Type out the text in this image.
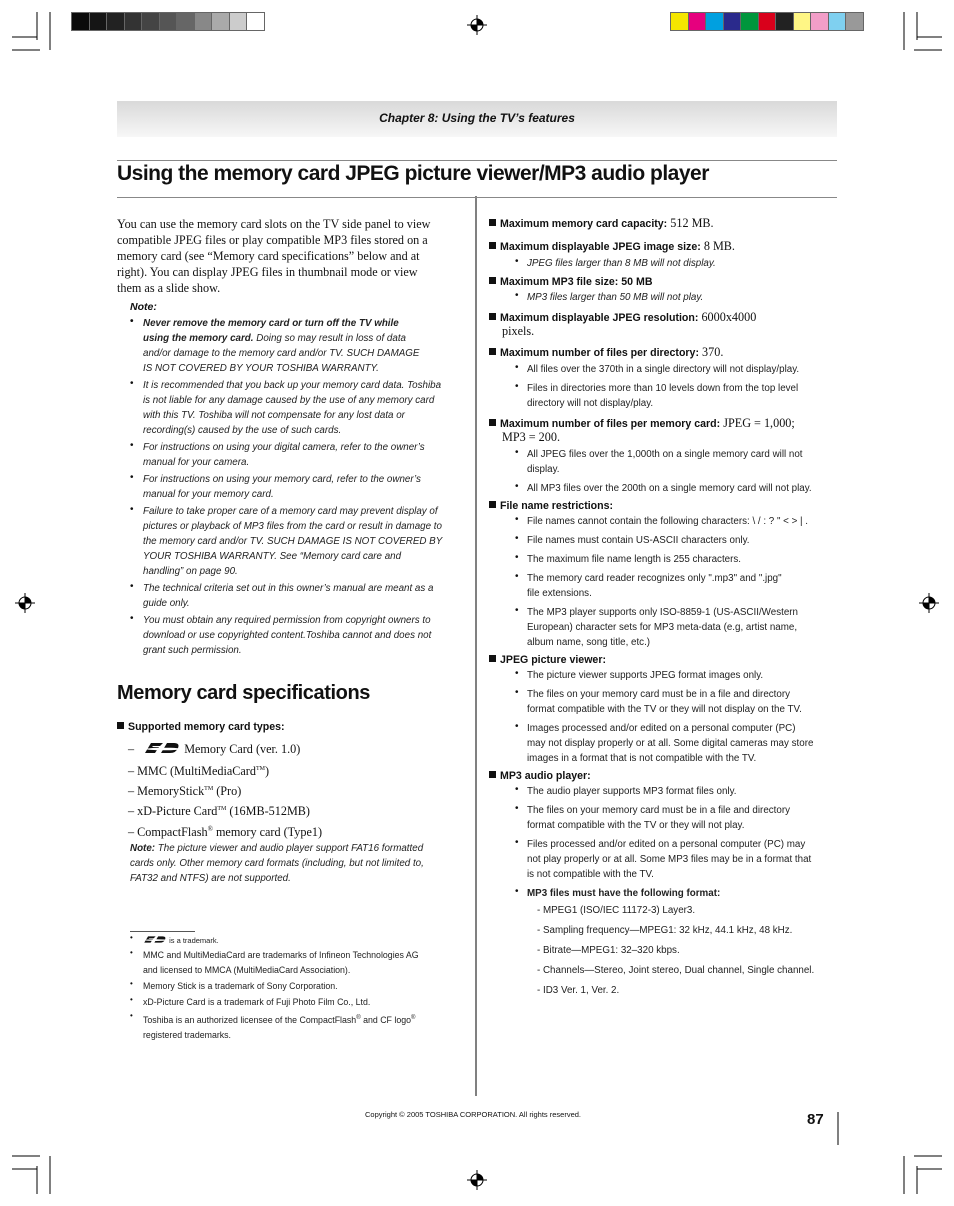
Chapter 8: Using the TV’s features
Using the memory card JPEG picture viewer/MP3 audio player
You can use the memory card slots on the TV side panel to view
compatible JPEG files or play compatible MP3 files stored on a
memory card (see “Memory card specifications” below and at
right). You can display JPEG files in thumbnail mode or view
them as a slide show.
Note:
• Never remove the memory card or turn off the TV while
using the memory card. Doing so may result in loss of data
and/or damage to the memory card and/or TV. SUCH DAMAGE
IS NOT COVERED BY YOUR TOSHIBA WARRANTY.
• It is recommended that you back up your memory card data. Toshiba
is not liable for any damage caused by the use of any memory card
with this TV. Toshiba will not compensate for any lost data or
recording(s) caused by the use of such cards.
• For instructions on using your digital camera, refer to the owner’s
manual for your camera.
• For instructions on using your memory card, refer to the owner’s
manual for your memory card.
• Failure to take proper care of a memory card may prevent display of
pictures or playback of MP3 files from the card or result in damage to
the memory card and/or TV. SUCH DAMAGE IS NOT COVERED BY
YOUR TOSHIBA WARRANTY. See “Memory card care and
handling” on page 90.
• The technical criteria set out in this owner’s manual are meant as a
guide only.
• You must obtain any required permission from copyright owners to
download or use copyrighted content.Toshiba cannot and does not
grant such permission.
Memory card specifications
Supported memory card types:
–	Memory Card (ver. 1.0)
– MMC (MultiMediaCard™)
– MemoryStick™ (Pro)
– xD-Picture Card™ (16MB-512MB)
– CompactFlash® memory card (Type1)
Note: The picture viewer and audio player support FAT16 formatted
cards only. Other memory card formats (including, but not limited to,
FAT32 and NTFS) are not supported.
•	is a trademark.
• MMC and MultiMediaCard are trademarks of Infineon Technologies AG
and licensed to MMCA (MultiMediaCard Association).
• Memory Stick is a trademark of Sony Corporation.
• xD-Picture Card is a trademark of Fuji Photo Film Co., Ltd.
• Toshiba is an authorized licensee of the CompactFlash® and CF logo®
registered trademarks.
Maximum memory card capacity: 512 MB.
Maximum displayable JPEG image size: 8 MB.
• JPEG files larger than 8 MB will not display.
Maximum MP3 file size: 50 MB
• MP3 files larger than 50 MB will not play.
Maximum displayable JPEG resolution: 6000x4000
pixels.
Maximum number of files per directory: 370.
• All files over the 370th in a single directory will not display/play.
• Files in directories more than 10 levels down from the top level
directory will not display/play.
Maximum number of files per memory card: JPEG = 1,000;
MP3 = 200.
• All JPEG files over the 1,000th on a single memory card will not
display.
• All MP3 files over the 200th on a single memory card will not play.
File name restrictions:
• File names cannot contain the following characters: \ / : ? " < > | .
• File names must contain US-ASCII characters only.
• The maximum file name length is 255 characters.
• The memory card reader recognizes only ".mp3" and ".jpg"
file extensions.
• The MP3 player supports only ISO-8859-1 (US-ASCII/Western
European) character sets for MP3 meta-data (e.g, artist name,
album name, song title, etc.)
JPEG picture viewer:
• The picture viewer supports JPEG format images only.
• The files on your memory card must be in a file and directory
format compatible with the TV or they will not display on the TV.
• Images processed and/or edited on a personal computer (PC)
may not display properly or at all. Some digital cameras may store
images in a format that is not compatible with the TV.
MP3 audio player:
• The audio player supports MP3 format files only.
• The files on your memory card must be in a file and directory
format compatible with the TV or they will not play.
• Files processed and/or edited on a personal computer (PC) may
not play properly or at all. Some MP3 files may be in a format that
is not compatible with the TV.
• MP3 files must have the following format:
- MPEG1 (ISO/IEC 11172-3) Layer3.
- Sampling frequency—MPEG1: 32 kHz, 44.1 kHz, 48 kHz.
- Bitrate—MPEG1: 32–320 kbps.
- Channels—Stereo, Joint stereo, Dual channel, Single channel.
- ID3 Ver. 1, Ver. 2.
Copyright © 2005 TOSHIBA CORPORATION. All rights reserved.	87
